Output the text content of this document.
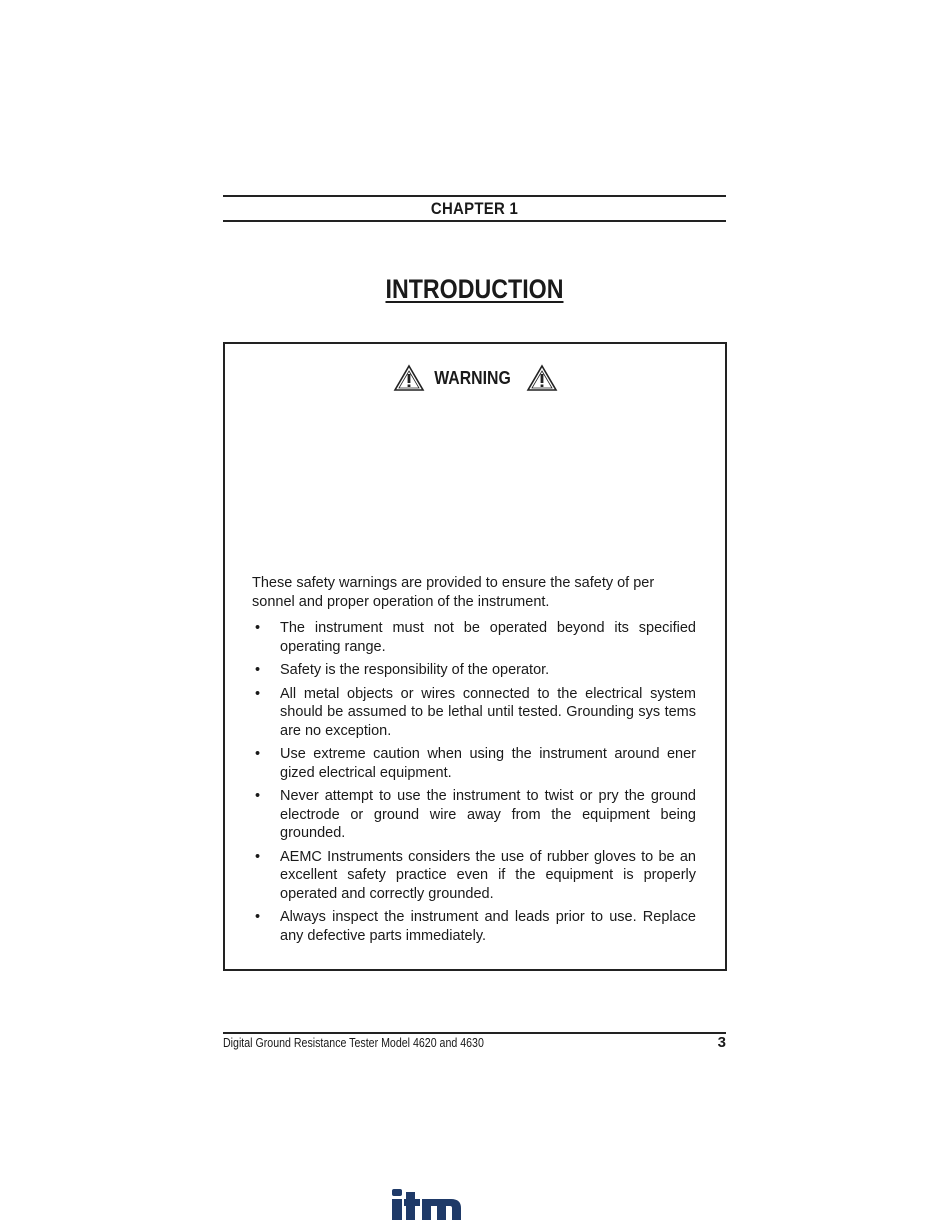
CHAPTER 1
INTRODUCTION
WARNING
These safety warnings are provided to ensure the safety of per sonnel and proper operation of the instrument.
• The instrument must not be operated beyond its specified operating range.
• Safety is the responsibility of the operator.
• All metal objects or wires connected to the electrical system should be assumed to be lethal until tested. Grounding sys tems are no exception.
• Use extreme caution when using the instrument around ener gized electrical equipment.
• Never attempt to use the instrument to twist or pry the ground electrode or ground wire away from the equipment being grounded.
• AEMC Instruments considers the use of rubber gloves to be an excellent safety practice even if the equipment is properly operated and correctly grounded.
• Always inspect the instrument and leads prior to use. Replace any defective parts immediately.
Digital Ground Resistance Tester Model 4620 and 4630	3
